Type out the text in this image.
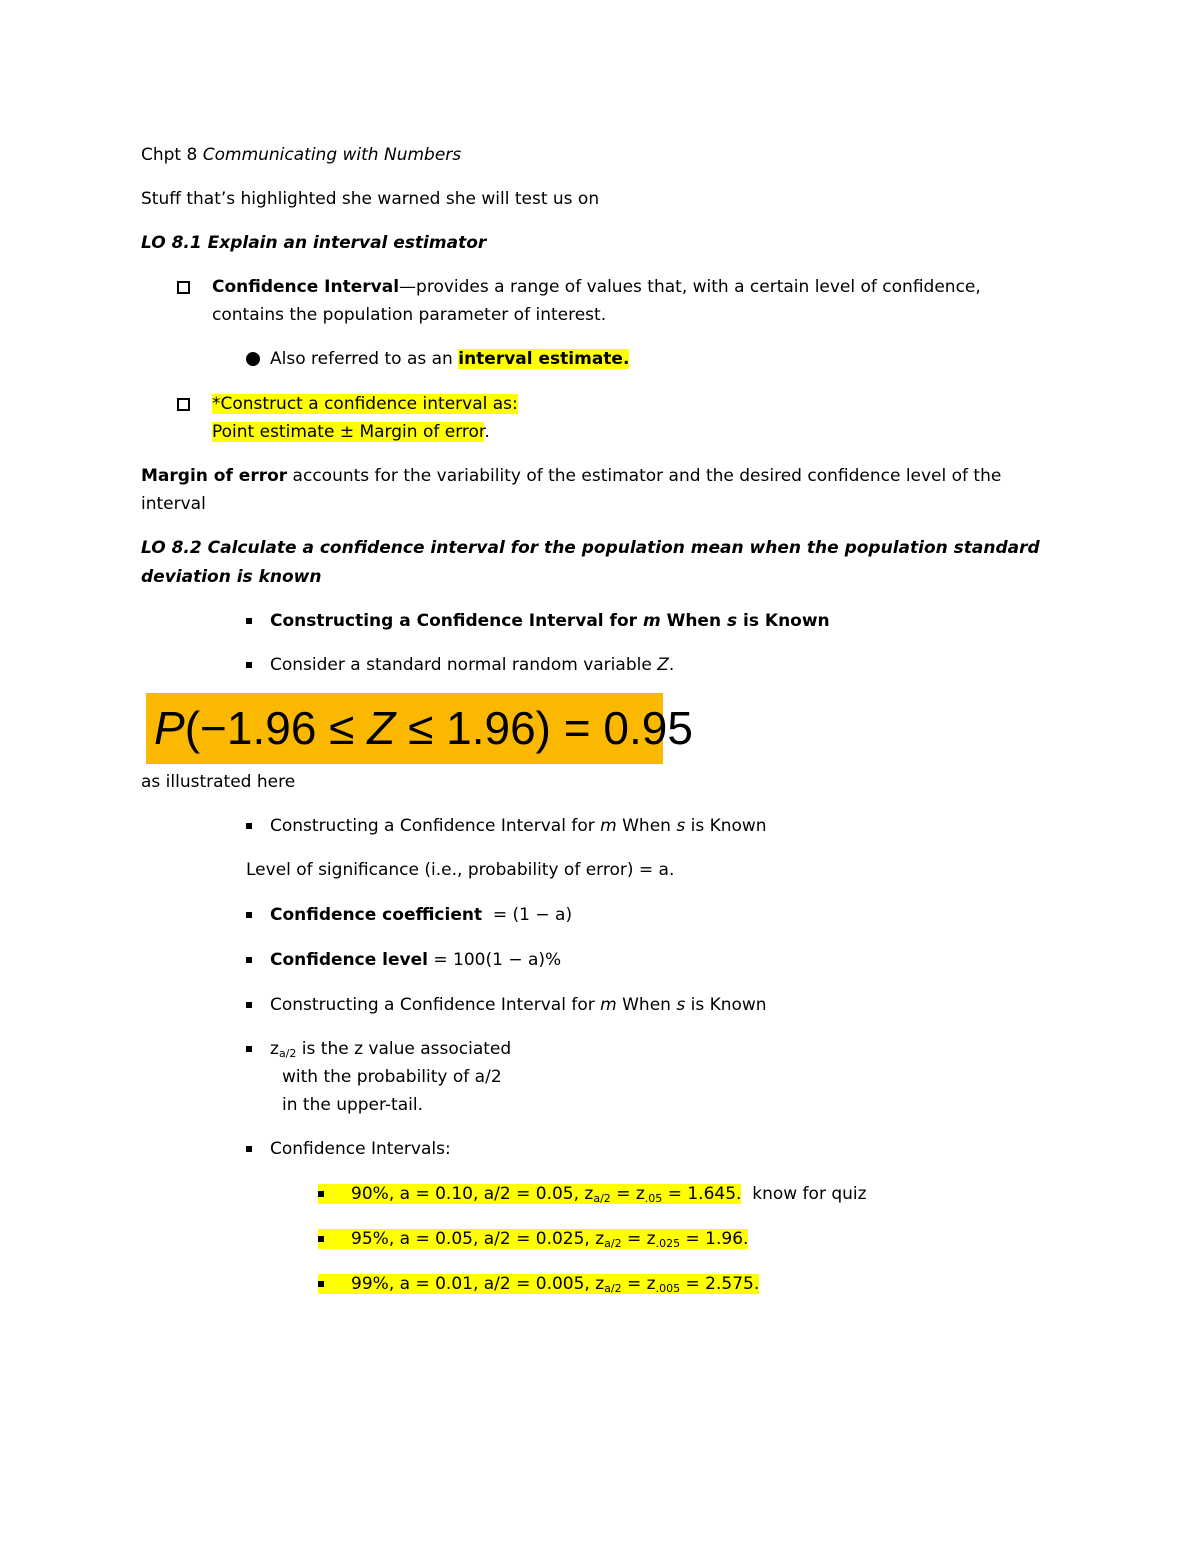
Chpt 8 Communicating with Numbers
Stuff that’s highlighted she warned she will test us on
LO 8.1 Explain an interval estimator
Confidence Interval—provides a range of values that, with a certain level of confidence,
contains the population parameter of interest.
Also referred to as an interval estimate.
*Construct a confidence interval as:
Point estimate ± Margin of error.
Margin of error accounts for the variability of the estimator and the desired confidence level of the
interval
LO 8.2 Calculate a confidence interval for the population mean when the population standard
deviation is known
Constructing a Confidence Interval for m When s is Known
Consider a standard normal random variable Z.
P(−1.96 ≤ Z ≤ 1.96) = 0.95
as illustrated here
Constructing a Confidence Interval for m When s is Known
Level of significance (i.e., probability of error) = a.
Confidence coefficient  = (1 − a)
Confidence level = 100(1 − a)%
Constructing a Confidence Interval for m When s is Known
$z_{a/2}$ is the z value associated
with the probability of a/2
in the upper-tail.
Confidence Intervals:
90%, a = 0.10, a/2 = 0.05, $z_{a/2} = z_{.05} = 1.645$.  know for quiz
95%, a = 0.05, a/2 = 0.025, $z_{a/2} = z_{.025} = 1.96$.
99%, a = 0.01, a/2 = 0.005, $z_{a/2} = z_{.005} = 2.575$.
